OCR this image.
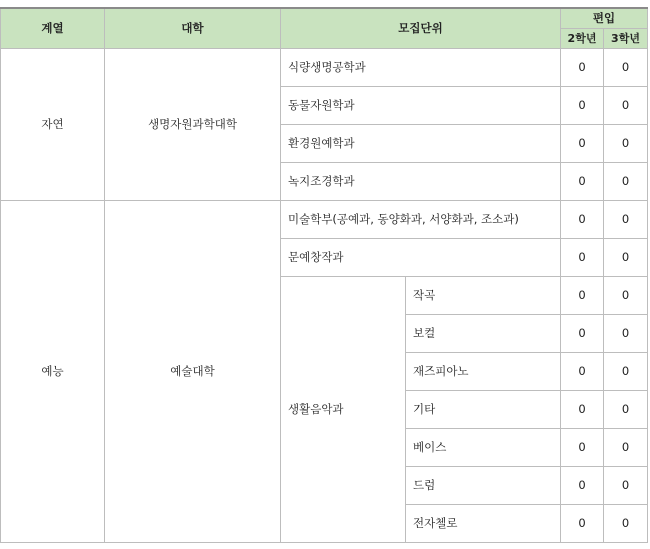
계열	대학	모집단위		편입	
				2학년	3학년
자연	생명자원과학대학	식량생명공학과		0	0
		동물자원학과		0	0
		환경원예학과		0	0
		녹지조경학과		0	0
예능	예술대학	미술학부(공예과, 동양화과, 서양화과, 조소과)		0	0
		문예창작과		0	0
		생활음악과	작곡	0	0
			보컬	0	0
			재즈피아노	0	0
			기타	0	0
			베이스	0	0
			드럼	0	0
			전자첼로	0	0
